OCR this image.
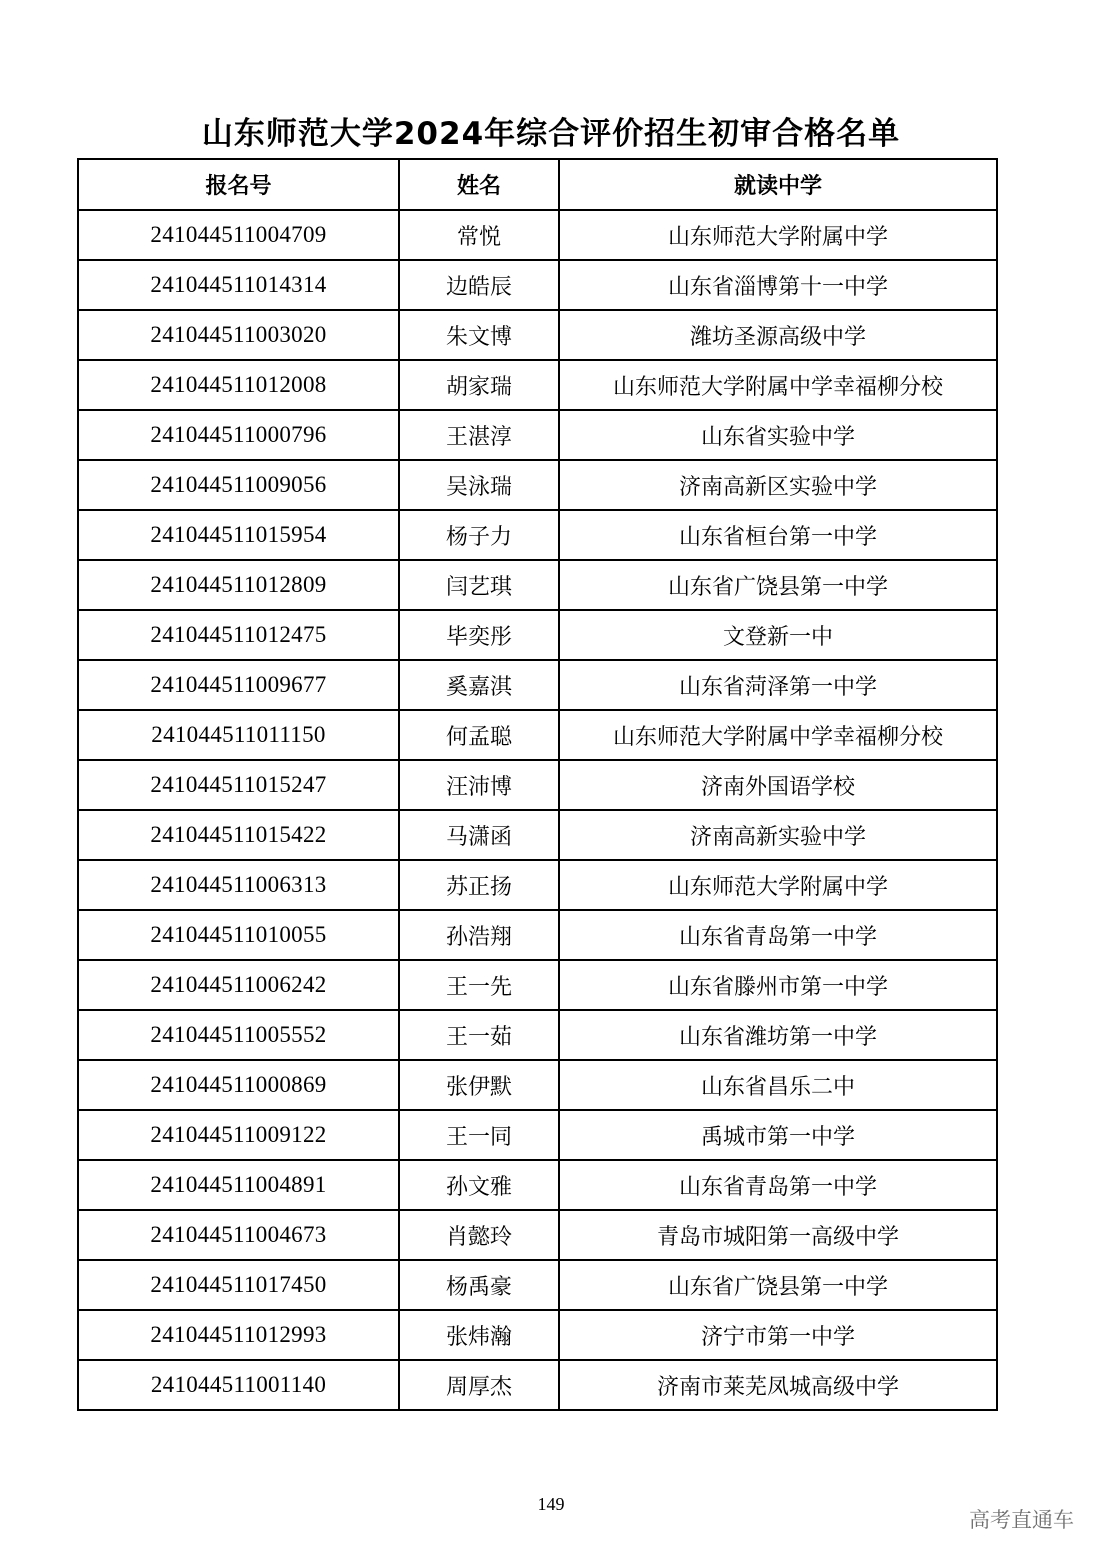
山东师范大学2024年综合评价招生初审合格名单
报名号	姓名	就读中学
241044511004709	常悦	山东师范大学附属中学
241044511014314	边皓辰	山东省淄博第十一中学
241044511003020	朱文博	潍坊圣源高级中学
241044511012008	胡家瑞	山东师范大学附属中学幸福柳分校
241044511000796	王湛淳	山东省实验中学
241044511009056	吴泳瑞	济南高新区实验中学
241044511015954	杨子力	山东省桓台第一中学
241044511012809	闫艺琪	山东省广饶县第一中学
241044511012475	毕奕彤	文登新一中
241044511009677	奚嘉淇	山东省菏泽第一中学
241044511011150	何孟聪	山东师范大学附属中学幸福柳分校
241044511015247	汪沛博	济南外国语学校
241044511015422	马潇函	济南高新实验中学
241044511006313	苏正扬	山东师范大学附属中学
241044511010055	孙浩翔	山东省青岛第一中学
241044511006242	王一先	山东省滕州市第一中学
241044511005552	王一茹	山东省潍坊第一中学
241044511000869	张伊默	山东省昌乐二中
241044511009122	王一同	禹城市第一中学
241044511004891	孙文雅	山东省青岛第一中学
241044511004673	肖懿玲	青岛市城阳第一高级中学
241044511017450	杨禹豪	山东省广饶县第一中学
241044511012993	张炜瀚	济宁市第一中学
241044511001140	周厚杰	济南市莱芜凤城高级中学
149
高考直通车
